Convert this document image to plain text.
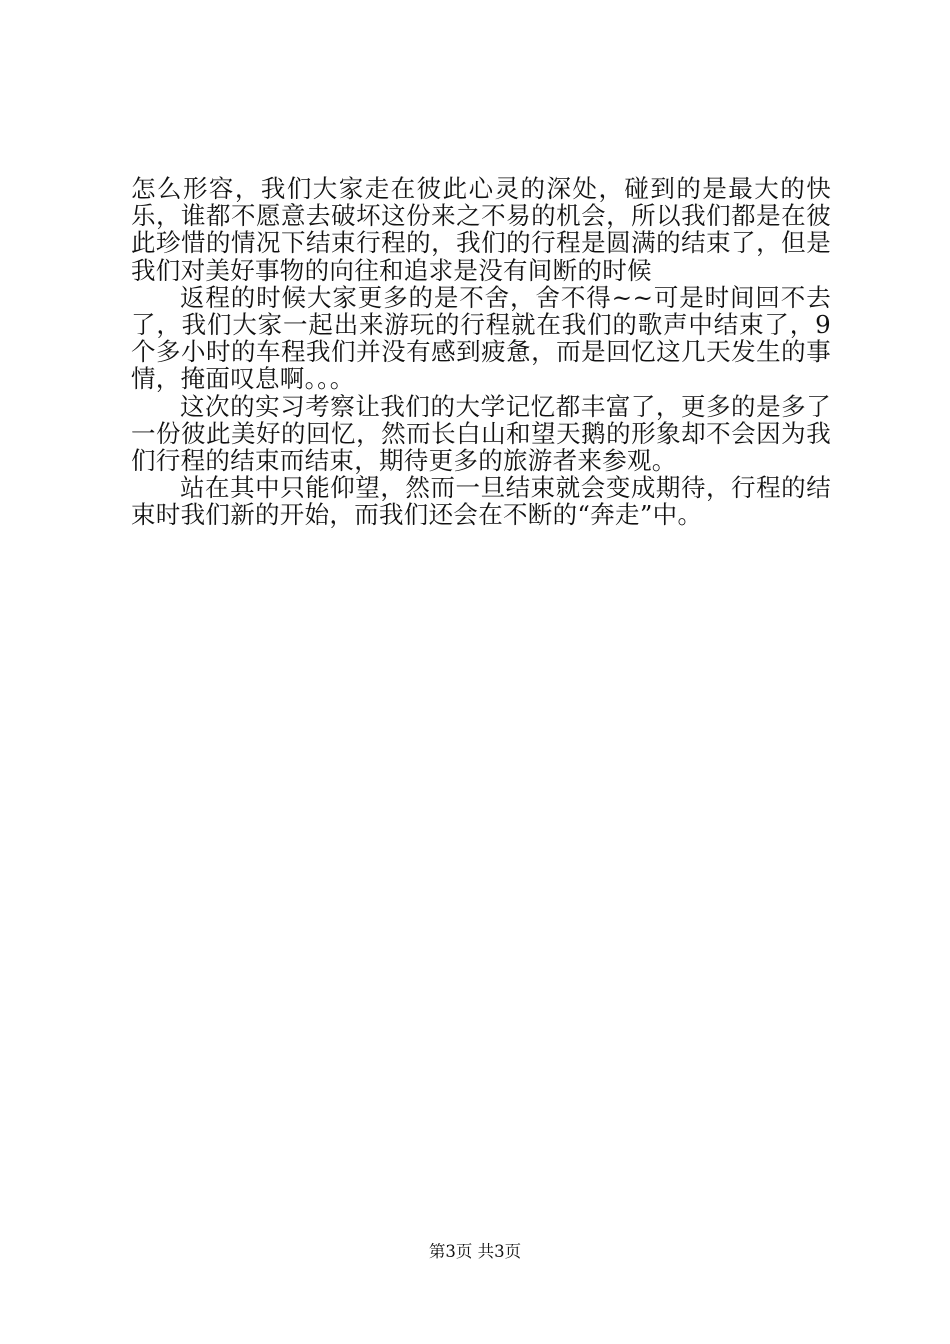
怎么形容，我们大家走在彼此心灵的深处，碰到的是最大的快乐，谁都不愿意去破坏这份来之不易的机会，所以我们都是在彼此珍惜的情况下结束行程的，我们的行程是圆满的结束了，但是我们对美好事物的向往和追求是没有间断的时候

返程的时候大家更多的是不舍，舍不得~~可是时间回不去了，我们大家一起出来游玩的行程就在我们的歌声中结束了，9个多小时的车程我们并没有感到疲惫，而是回忆这几天发生的事情，掩面叹息啊。。。

这次的实习考察让我们的大学记忆都丰富了，更多的是多了一份彼此美好的回忆，然而长白山和望天鹅的形象却不会因为我们行程的结束而结束，期待更多的旅游者来参观。

站在其中只能仰望，然而一旦结束就会变成期待，行程的结束时我们新的开始，而我们还会在不断的“奔走”中。

第3页 共3页
